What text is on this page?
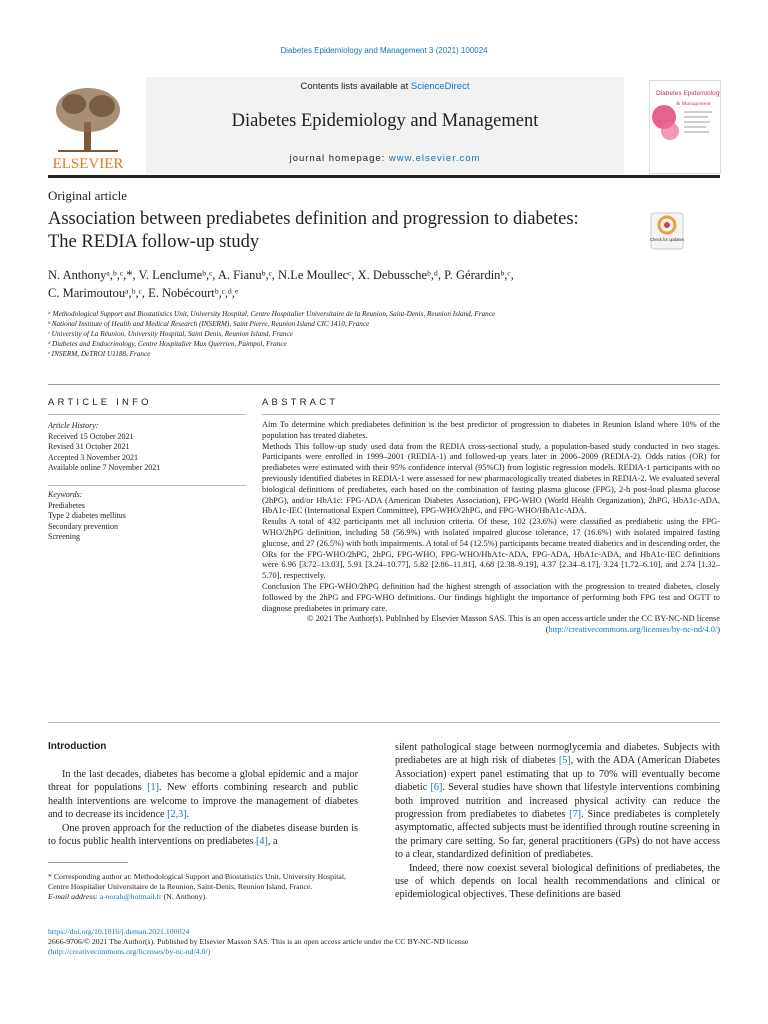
Diabetes Epidemiology and Management 3 (2021) 100024
ELSEVIER
Contents lists available at ScienceDirect
Diabetes Epidemiology and Management
journal homepage: www.elsevier.com
Diabetes Epidemiology
& Management
Original article
Association between prediabetes definition and progression to diabetes:
The REDIA follow-up study	Check for updates
N. Anthonyᵃ,ᵇ,ᶜ,*, V. Lenclumeᵇ,ᶜ, A. Fianuᵇ,ᶜ, N.Le Moullecᶜ, X. Debusscheᵇ,ᵈ, P. Gérardinᵇ,ᶜ,
C. Marimoutouᵃ,ᵇ,ᶜ, E. Nobécourtᵇ,ᶜ,ᵈ,ᵉ
ᵃ Methodological Support and Biostatistics Unit, University Hospital, Centre Hospitalier Universitaire de la Reunion, Saint-Denis, Reunion Island, France
ᵇ National Institute of Health and Medical Research (INSERM), Saint Pierre, Reunion Island CIC 1410, France
ᶜ University of La Réunion, University Hospital, Saint Denis, Reunion Island, France
ᵈ Diabetes and Endocrinology, Centre Hospitalier Max Querrien, Paimpol, France
ᵉ INSERM, DeTROI U1188, France
ARTICLE INFO
Article History:
Received 15 October 2021
Revised 31 October 2021
Accepted 3 November 2021
Available online 7 November 2021
Keywords:
Prediabetes
Type 2 diabetes mellitus
Secondary prevention
Screening
ABSTRACT

Aim To determine which prediabetes definition is the best predictor of progression to diabetes in Reunion Island where 10% of the population has treated diabetes.

Methods This follow-up study used data from the REDIA cross-sectional study, a population-based study conducted in two stages. Participants were enrolled in 1999–2001 (REDIA-1) and followed-up years later in 2006–2009 (REDIA-2). Odds ratios (OR) for prediabetes were estimated with their 95% confidence interval (95%CI) from logistic regression models. REDIA-1 participants with no previously identified diabetes in REDIA-1 were assessed for new pharmacologically treated diabetes in REDIA-2. We evaluated several biological definitions of prediabetes, each based on the combination of fasting plasma glucose (FPG), 2-h post-load plasma glucose (2hPG), and/or HbA1c: FPG-ADA (American Diabetes Association), FPG-WHO (World Health Organization), 2hPG, HbA1c-ADA, HbA1c-IEC (International Expert Committee), FPG-WHO/2hPG, and FPG-WHO/HbA1c-ADA.

Results A total of 432 participants met all inclusion criteria. Of these, 102 (23.6%) were classified as prediabetic using the FPG-WHO/2hPG definition, including 58 (56.9%) with isolated impaired glucose tolerance, 17 (16.6%) with isolated impaired fasting glucose, and 27 (26.5%) with both impairments. A total of 54 (12.5%) participants became treated diabetics and in descending order, the ORs for the FPG-WHO/2hPG, 2hPG, FPG-WHO, FPG-WHO/HbA1c-ADA, FPG-ADA, HbA1c-ADA, and HbA1c-IEC definitions were 6.96 [3.72–13.03], 5.91 [3.24–10.77], 5.82 [2.86–11.81], 4.68 [2.38–9.19], 4.37 [2.34–8.17], 3.24 [1.72–6.10], and 2.74 [1.32–5.70], respectively.

Conclusion The FPG-WHO/2hPG definition had the highest strength of association with the progression to treated diabetes, closely followed by the 2hPG and FPG-WHO definitions. Our findings highlight the importance of performing both FPG test and OGTT to diagnose prediabetes in primary care.

© 2021 The Author(s). Published by Elsevier Masson SAS. This is an open access article under the CC BY-NC-ND license (http://creativecommons.org/licenses/by-nc-nd/4.0/)

Introduction

In the last decades, diabetes has become a global epidemic and a major threat for populations [1]. New efforts combining research and public health interventions are welcome to improve the management of diabetes and to decrease its incidence [2,3].

One proven approach for the reduction of the diabetes disease burden is to focus public health interventions on prediabetes [4], a

silent pathological stage between normoglycemia and diabetes. Subjects with prediabetes are at high risk of diabetes [5], with the ADA (American Diabetes Association) expert panel estimating that up to 70% will eventually become diabetic [6]. Several studies have shown that lifestyle interventions combining both improved nutrition and increased physical activity can reduce the progression from prediabetes to diabetes [7]. Since prediabetes is completely asymptomatic, affected subjects must be identified through routine screening in the primary care setting. So far, general practitioners (GPs) do not have access to a clear, standardized definition of prediabetes.

Indeed, there now coexist several biological definitions of prediabetes, the use of which depends on local health recommendations and clinical or epidemiological objectives. These definitions are based

* Corresponding author at: Methodological Support and Biostatistics Unit, University Hospital, Centre Hospitalier Universitaire de la Reunion, Saint-Denis, Reunion Island, France.
E-mail address: a-norah@hotmail.fr (N. Anthony).
https://doi.org/10.1016/j.deman.2021.100024
2666-9706/© 2021 The Author(s). Published by Elsevier Masson SAS. This is an open access article under the CC BY-NC-ND license
(http://creativecommons.org/licenses/by-nc-nd/4.0/)
